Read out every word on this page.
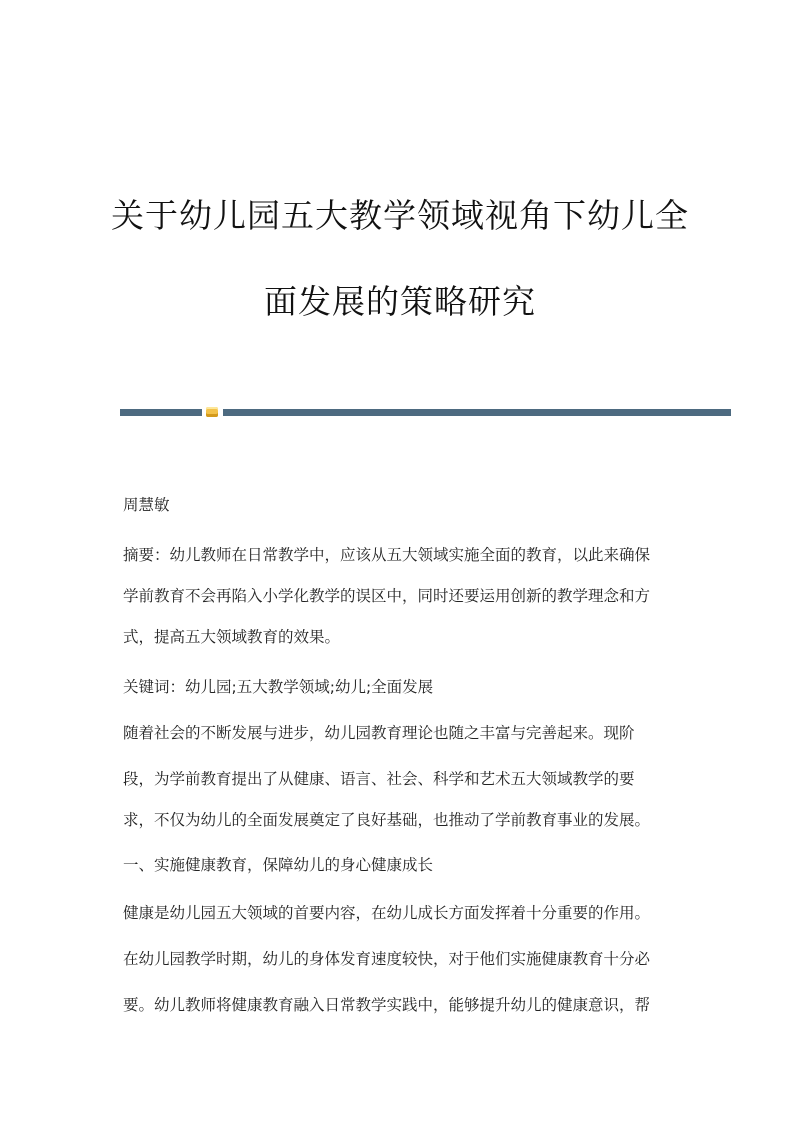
关于幼儿园五大教学领域视角下幼儿全
面发展的策略研究
周慧敏
摘要：幼儿教师在日常教学中，应该从五大领域实施全面的教育，以此来确保
学前教育不会再陷入小学化教学的误区中，同时还要运用创新的教学理念和方
式，提高五大领域教育的效果。
关键词：幼儿园;五大教学领域;幼儿;全面发展
随着社会的不断发展与进步，幼儿园教育理论也随之丰富与完善起来。现阶
段，为学前教育提出了从健康、语言、社会、科学和艺术五大领域教学的要
求，不仅为幼儿的全面发展奠定了良好基础，也推动了学前教育事业的发展。
一、实施健康教育，保障幼儿的身心健康成长
健康是幼儿园五大领域的首要内容，在幼儿成长方面发挥着十分重要的作用。
在幼儿园教学时期，幼儿的身体发育速度较快，对于他们实施健康教育十分必
要。幼儿教师将健康教育融入日常教学实践中，能够提升幼儿的健康意识，帮
